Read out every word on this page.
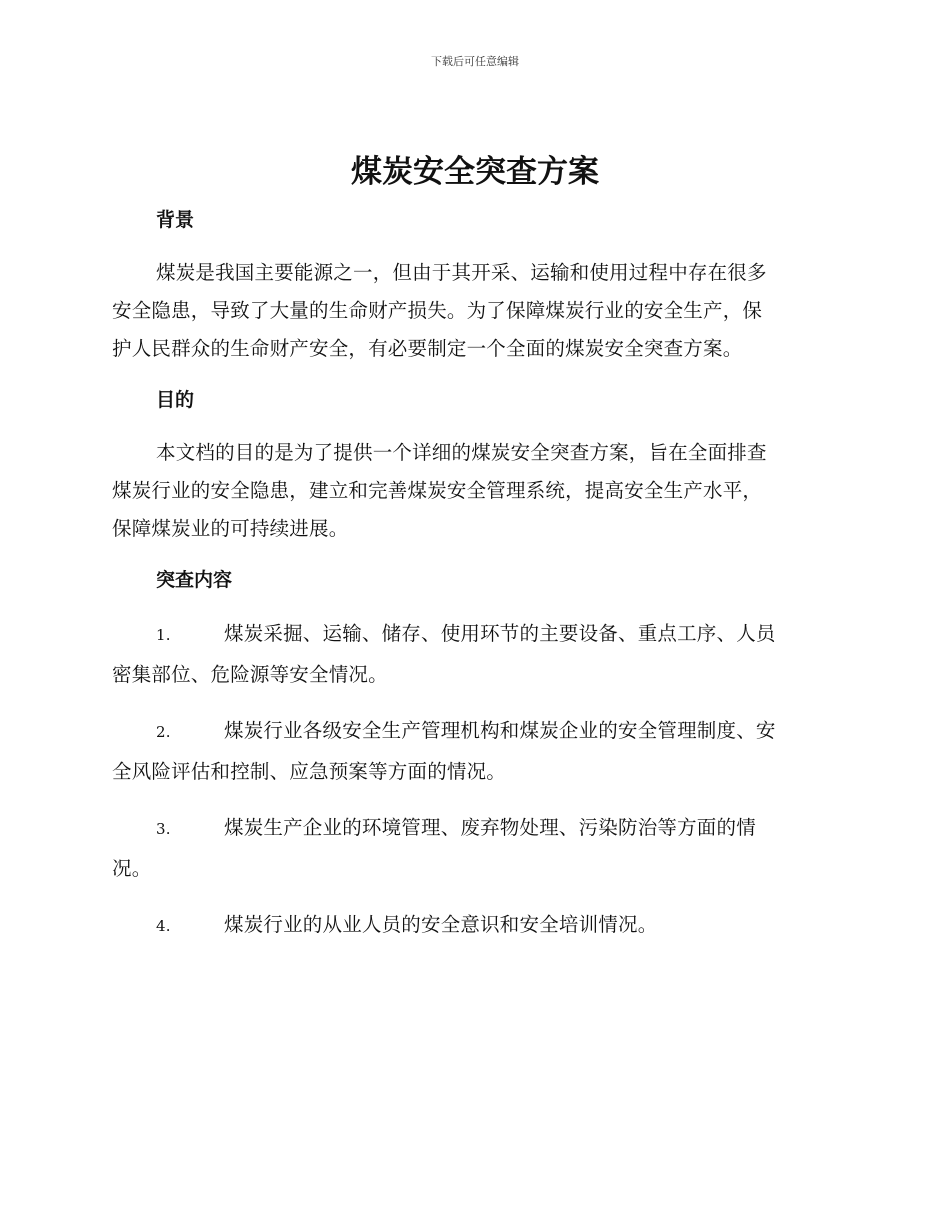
下载后可任意编辑
煤炭安全突查方案
背景
煤炭是我国主要能源之一，但由于其开采、运输和使用过程中存在很多
安全隐患，导致了大量的生命财产损失。为了保障煤炭行业的安全生产，保
护人民群众的生命财产安全，有必要制定一个全面的煤炭安全突查方案。
目的
本文档的目的是为了提供一个详细的煤炭安全突查方案，旨在全面排查
煤炭行业的安全隐患，建立和完善煤炭安全管理系统，提高安全生产水平，
保障煤炭业的可持续进展。
突查内容
1.	煤炭采掘、运输、储存、使用环节的主要设备、重点工序、人员
密集部位、危险源等安全情况。
2.	煤炭行业各级安全生产管理机构和煤炭企业的安全管理制度、安
全风险评估和控制、应急预案等方面的情况。
3.	煤炭生产企业的环境管理、废弃物处理、污染防治等方面的情
况。
4.	煤炭行业的从业人员的安全意识和安全培训情况。
